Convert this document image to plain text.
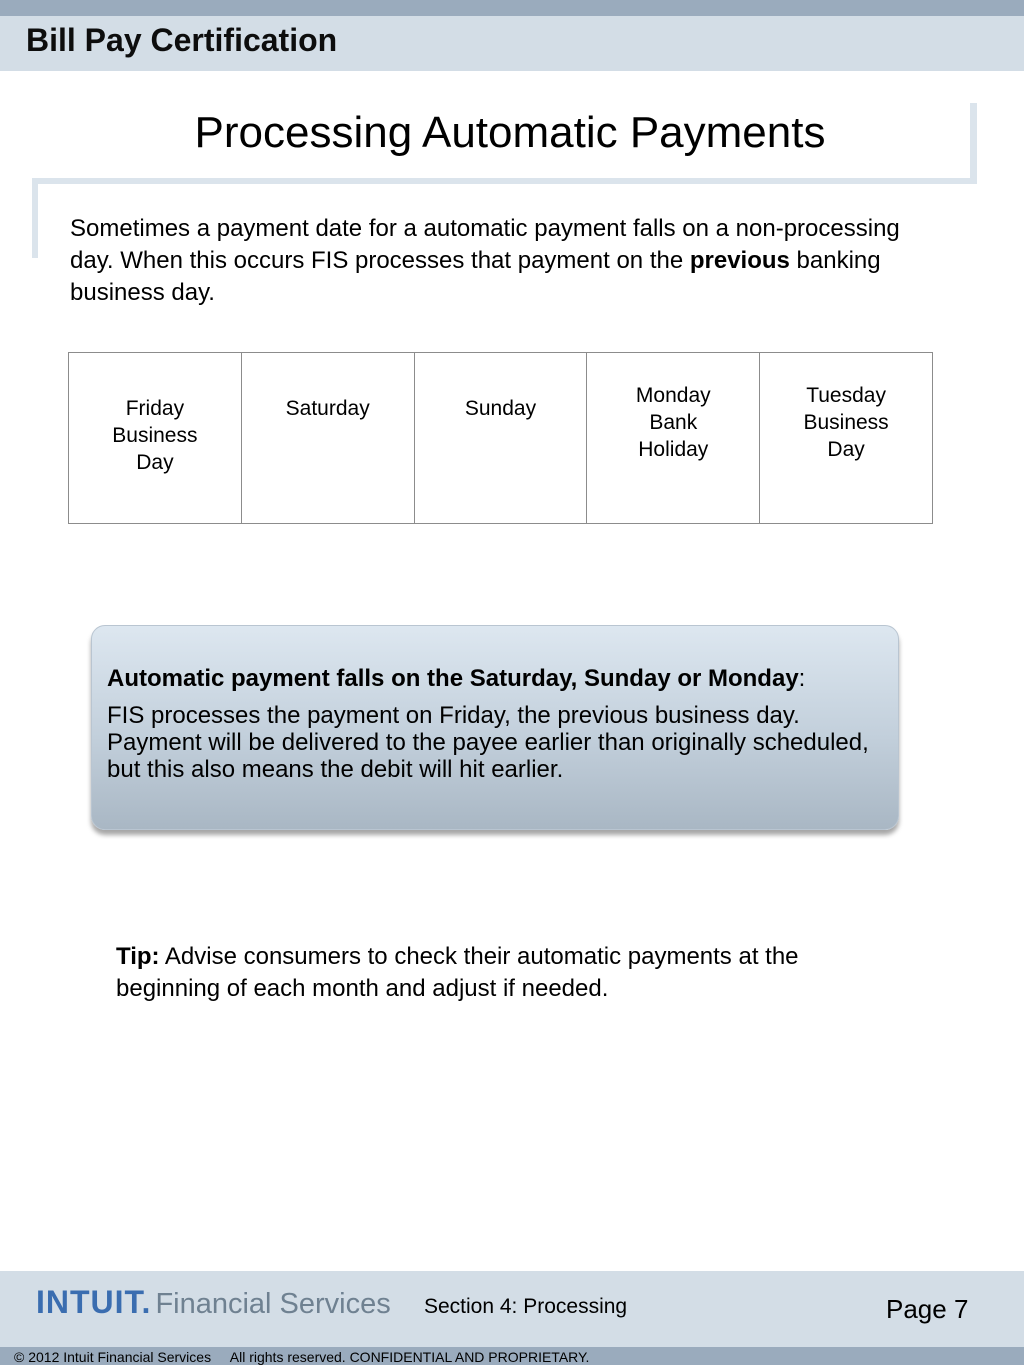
Bill Pay Certification
Processing Automatic Payments
Sometimes a payment date for a automatic payment falls on a non-processing day. When this occurs FIS processes that payment on the previous banking business day.
Friday
Business
Day
Saturday	Sunday
Monday
Bank
Holiday
Tuesday
Business
Day
Automatic payment falls on the Saturday, Sunday or Monday:
FIS processes the payment on Friday, the previous business day. Payment will be delivered to the payee earlier than originally scheduled, but this also means the debit will hit earlier.
Tip: Advise consumers to check their automatic payments at the beginning of each month and adjust if needed.
INTUIT. Financial Services Section 4: Processing	Page 7
© 2012 Intuit Financial Services     All rights reserved. CONFIDENTIAL AND PROPRIETARY.
